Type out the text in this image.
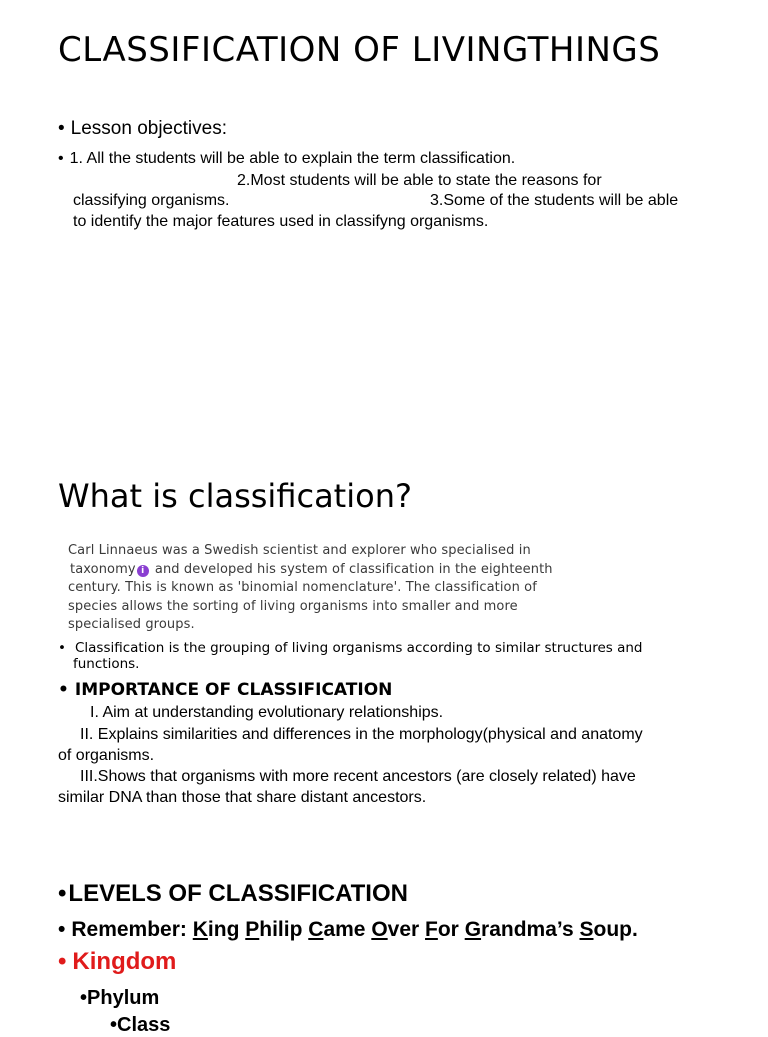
CLASSIFICATION OF LIVINGTHINGS
• Lesson objectives:
• 1. All the students will be able to explain the term classification.
2.Most students will be able to state the reasons for
classifying organisms.	3.Some of the students will be able
to identify the major features used in classifyng organisms.
What is classification?
Carl Linnaeus was a Swedish scientist and explorer who specialised in
taxonomy i and developed his system of classification in the eighteenth
century. This is known as 'binomial nomenclature'. The classification of
species allows the sorting of living organisms into smaller and more
specialised groups.
• Classification is the grouping of living organisms according to similar structures and
functions.
• IMPORTANCE OF CLASSIFICATION
I. Aim at understanding evolutionary relationships.
II. Explains similarities and differences in the morphology(physical and anatomy
of organisms.
III.Shows that organisms with more recent ancestors (are closely related) have
similar DNA than those that share distant ancestors.
•LEVELS OF CLASSIFICATION
• Remember: King Philip Came Over For Grandma’s Soup.
• Kingdom
•Phylum
•Class
